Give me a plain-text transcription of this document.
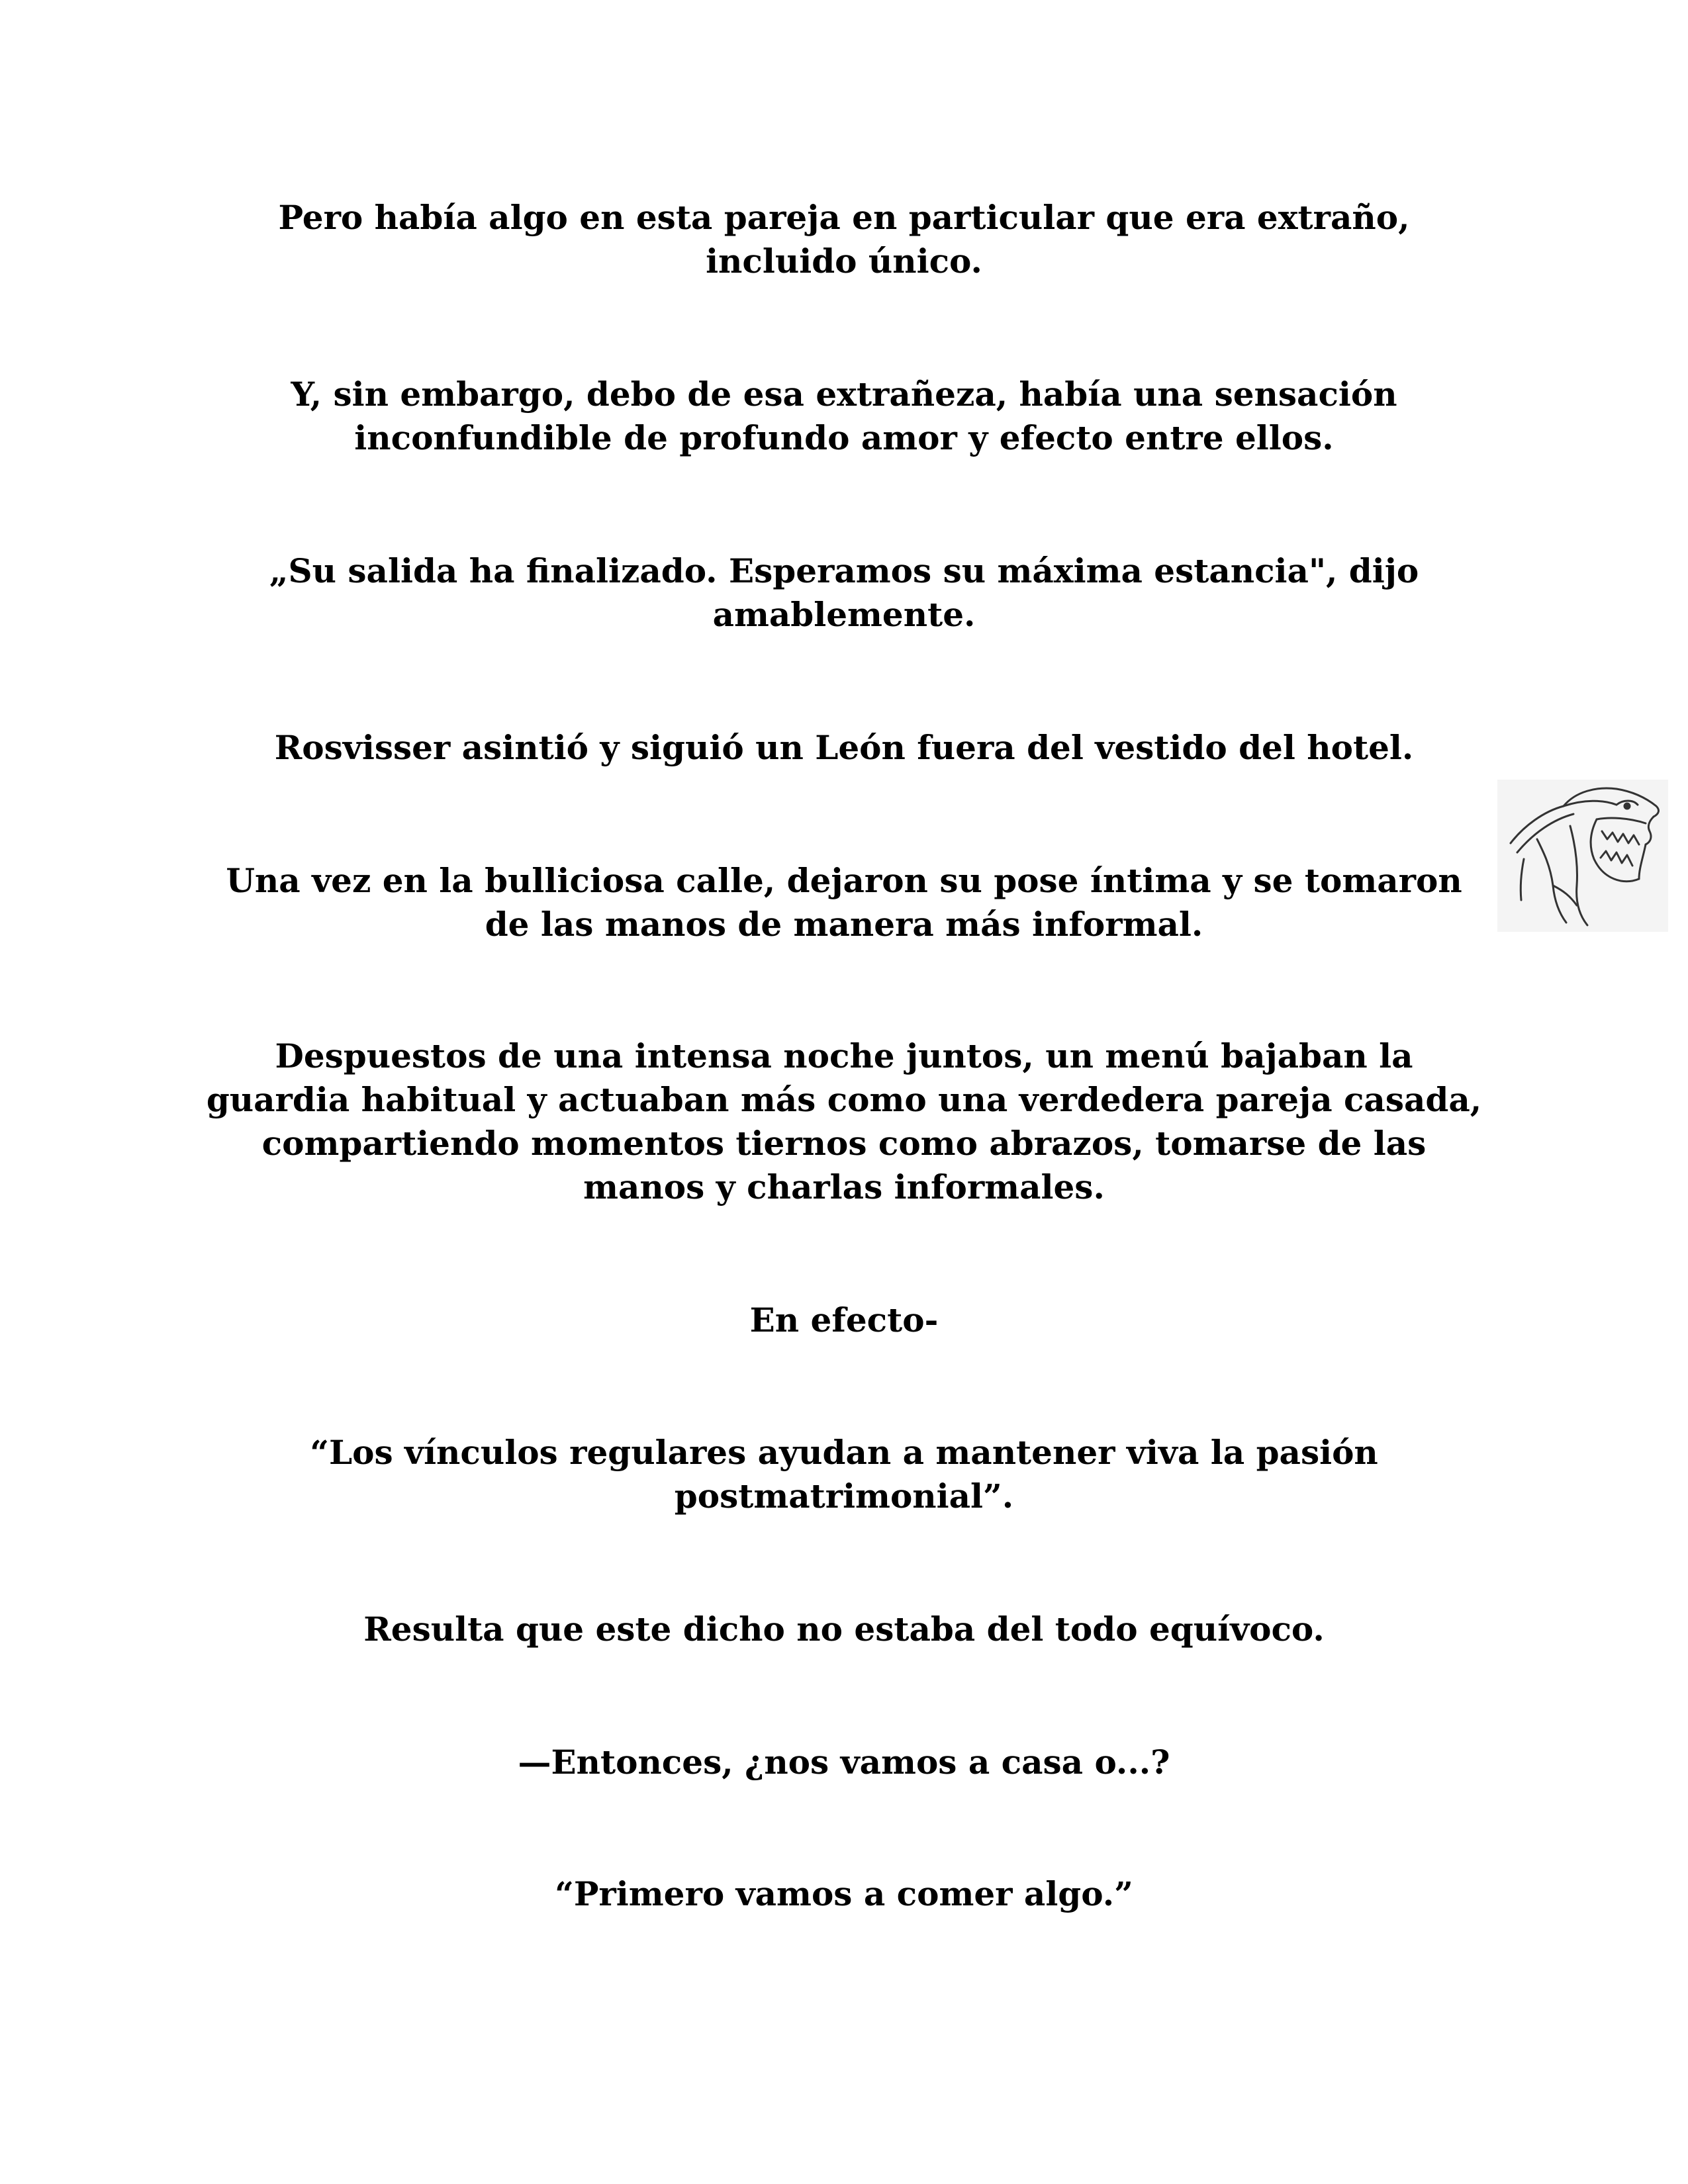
Pero había algo en esta pareja en particular que era extraño, incluido único.

Y, sin embargo, debo de esa extrañeza, había una sensación inconfundible de profundo amor y efecto entre ellos.

„Su salida ha finalizado. Esperamos su máxima estancia", dijo amablemente.

Rosvisser asintió y siguió un León fuera del vestido del hotel.

Una vez en la bulliciosa calle, dejaron su pose íntima y se tomaron de las manos de manera más informal.

Despuestos de una intensa noche juntos, un menú bajaban la guardia habitual y actuaban más como una verdedera pareja casada, compartiendo momentos tiernos como abrazos, tomarse de las manos y charlas informales.

En efecto-

“Los vínculos regulares ayudan a mantener viva la pasión postmatrimonial”.

Resulta que este dicho no estaba del todo equívoco.

—Entonces, ¿nos vamos a casa o...?

“Primero vamos a comer algo.”
